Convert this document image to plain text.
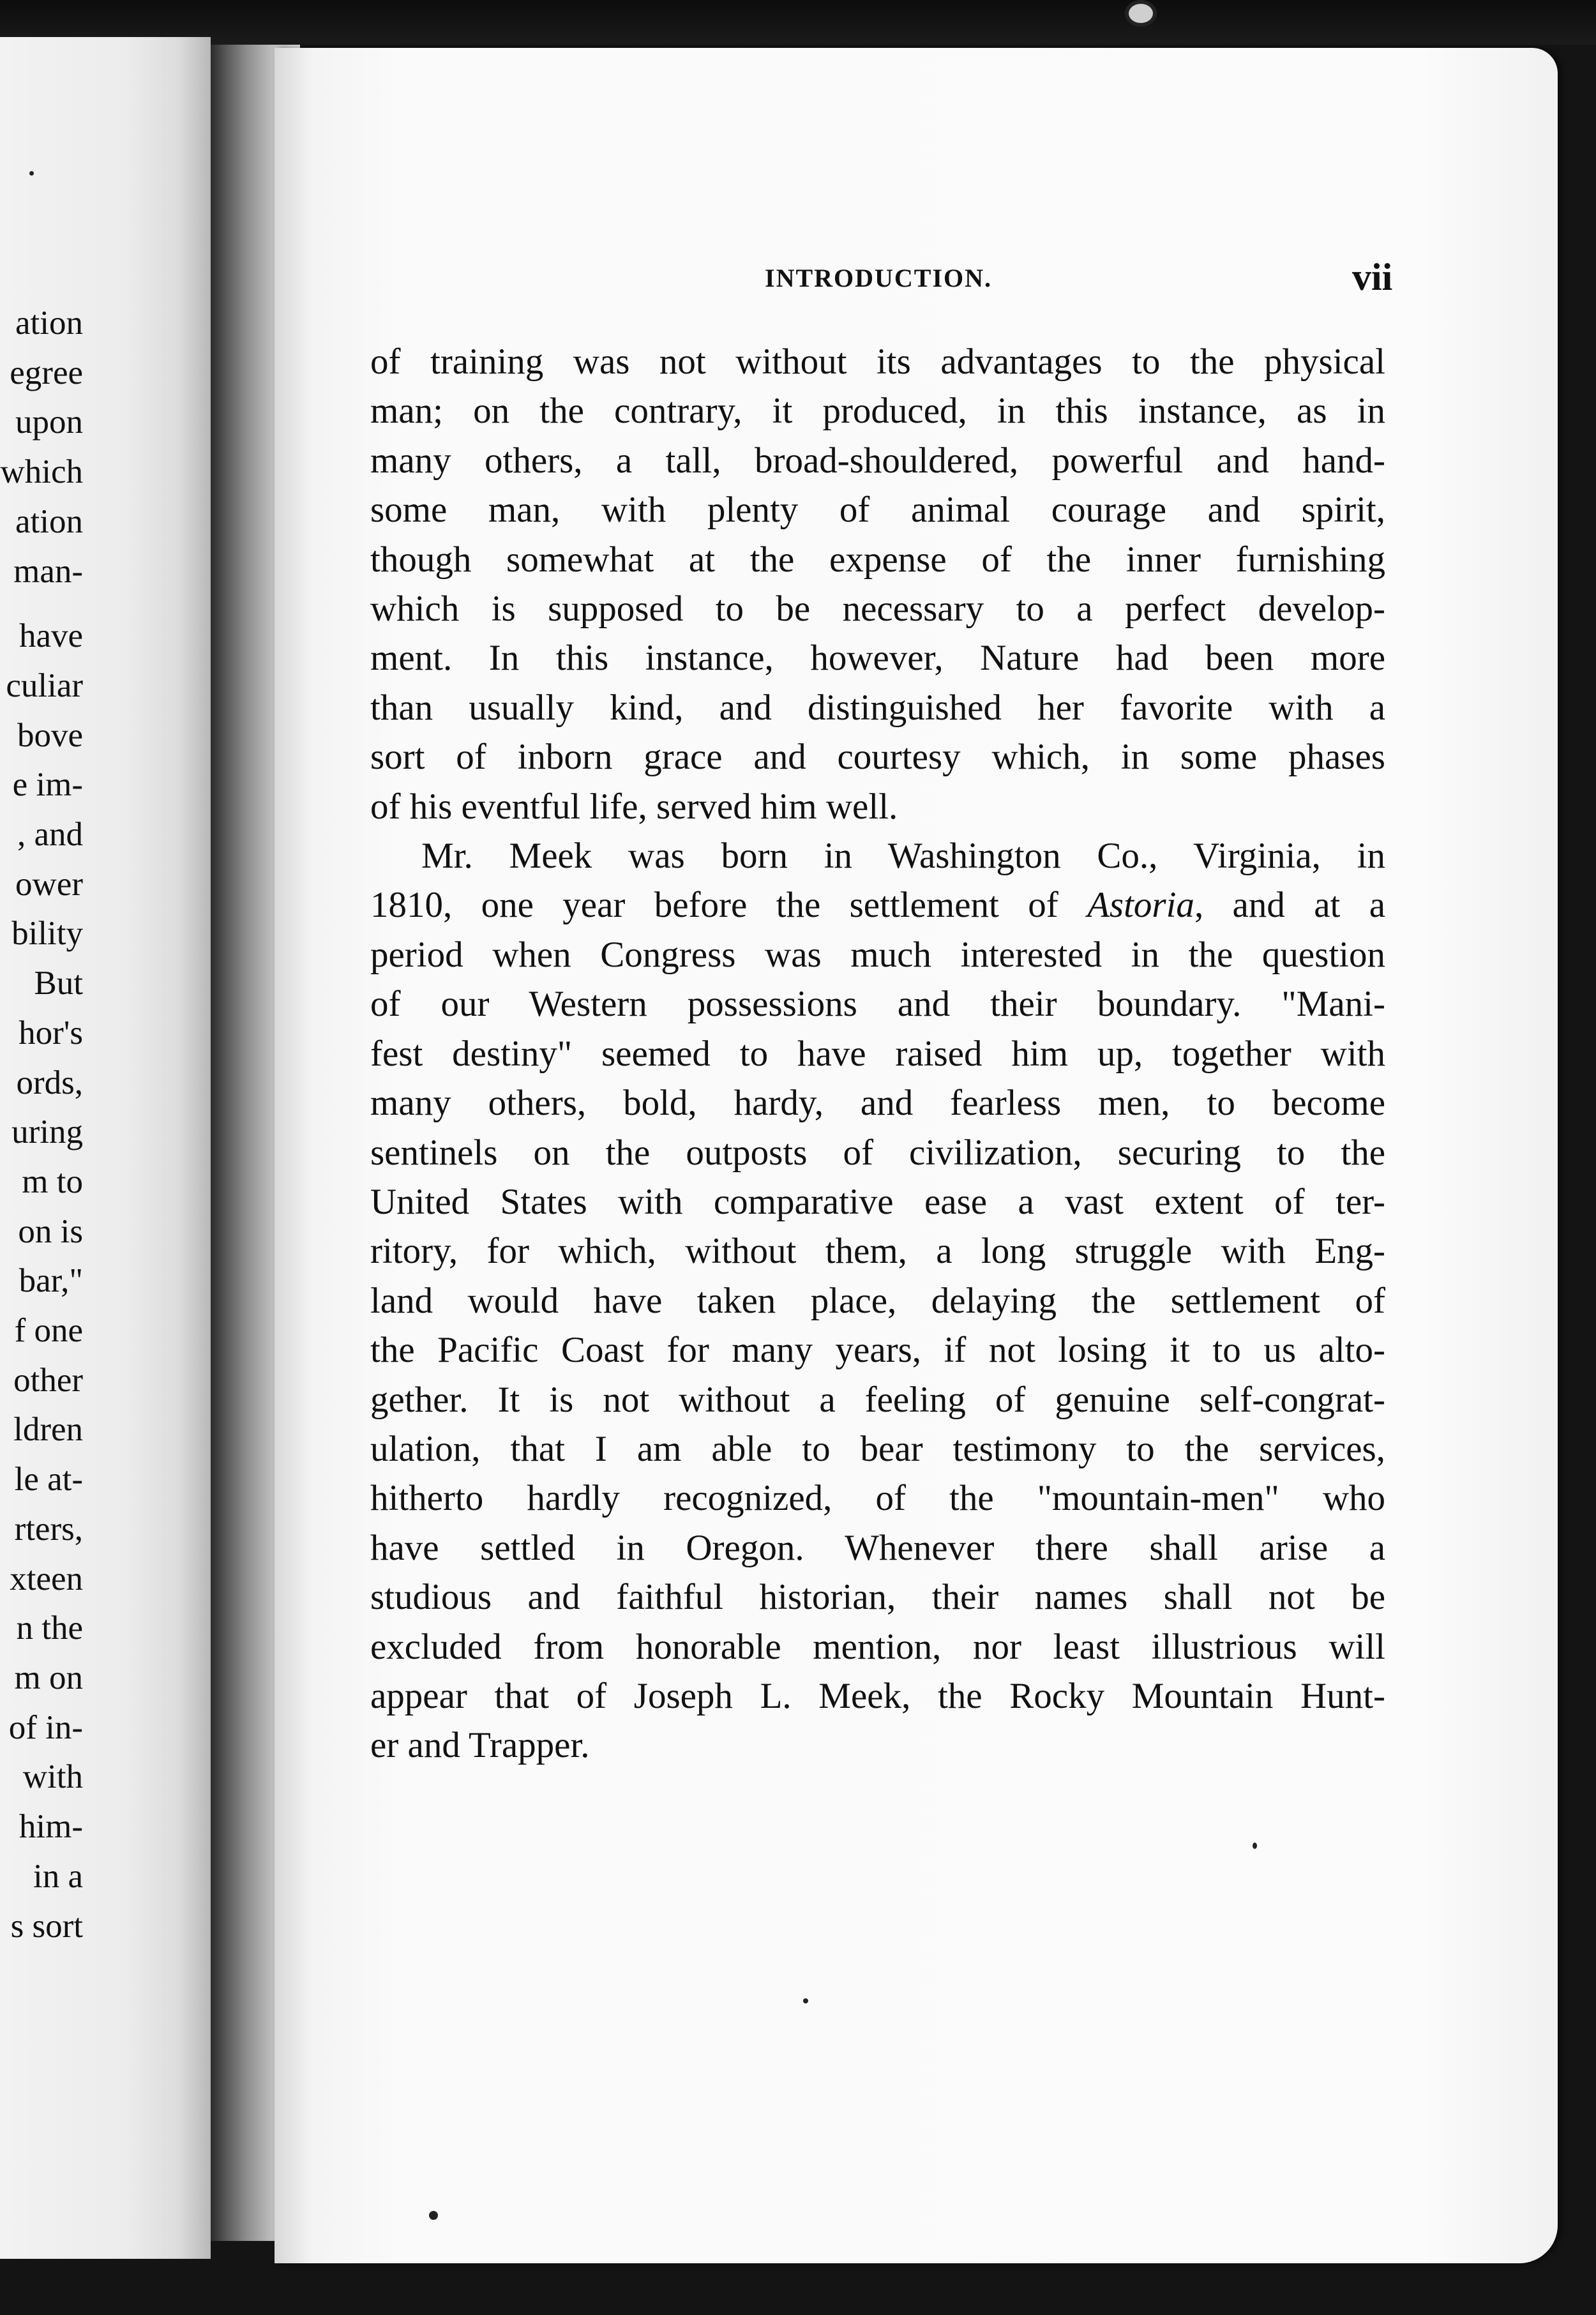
ation
egree
upon
which
ation
man-
have
culiar
bove
e im-
, and
ower
bility
But
hor's
ords,
uring
m to
on is
bar,"
f one
other
ldren
le at-
rters,
xteen
n the
m on
of in-
with
him-
in a
s sort
INTRODUCTION.	vii
of training was not without its advantages to the physical
man; on the contrary, it produced, in this instance, as in
many others, a tall, broad-shouldered, powerful and hand-
some man, with plenty of animal courage and spirit,
though somewhat at the expense of the inner furnishing
which is supposed to be necessary to a perfect develop-
ment. In this instance, however, Nature had been more
than usually kind, and distinguished her favorite with a
sort of inborn grace and courtesy which, in some phases
of his eventful life, served him well.
Mr. Meek was born in Washington Co., Virginia, in
1810, one year before the settlement of Astoria, and at a
period when Congress was much interested in the question
of our Western possessions and their boundary. "Mani-
fest destiny" seemed to have raised him up, together with
many others, bold, hardy, and fearless men, to become
sentinels on the outposts of civilization, securing to the
United States with comparative ease a vast extent of ter-
ritory, for which, without them, a long struggle with Eng-
land would have taken place, delaying the settlement of
the Pacific Coast for many years, if not losing it to us alto-
gether. It is not without a feeling of genuine self-congrat-
ulation, that I am able to bear testimony to the services,
hitherto hardly recognized, of the "mountain-men" who
have settled in Oregon. Whenever there shall arise a
studious and faithful historian, their names shall not be
excluded from honorable mention, nor least illustrious will
appear that of Joseph L. Meek, the Rocky Mountain Hunt-
er and Trapper.
